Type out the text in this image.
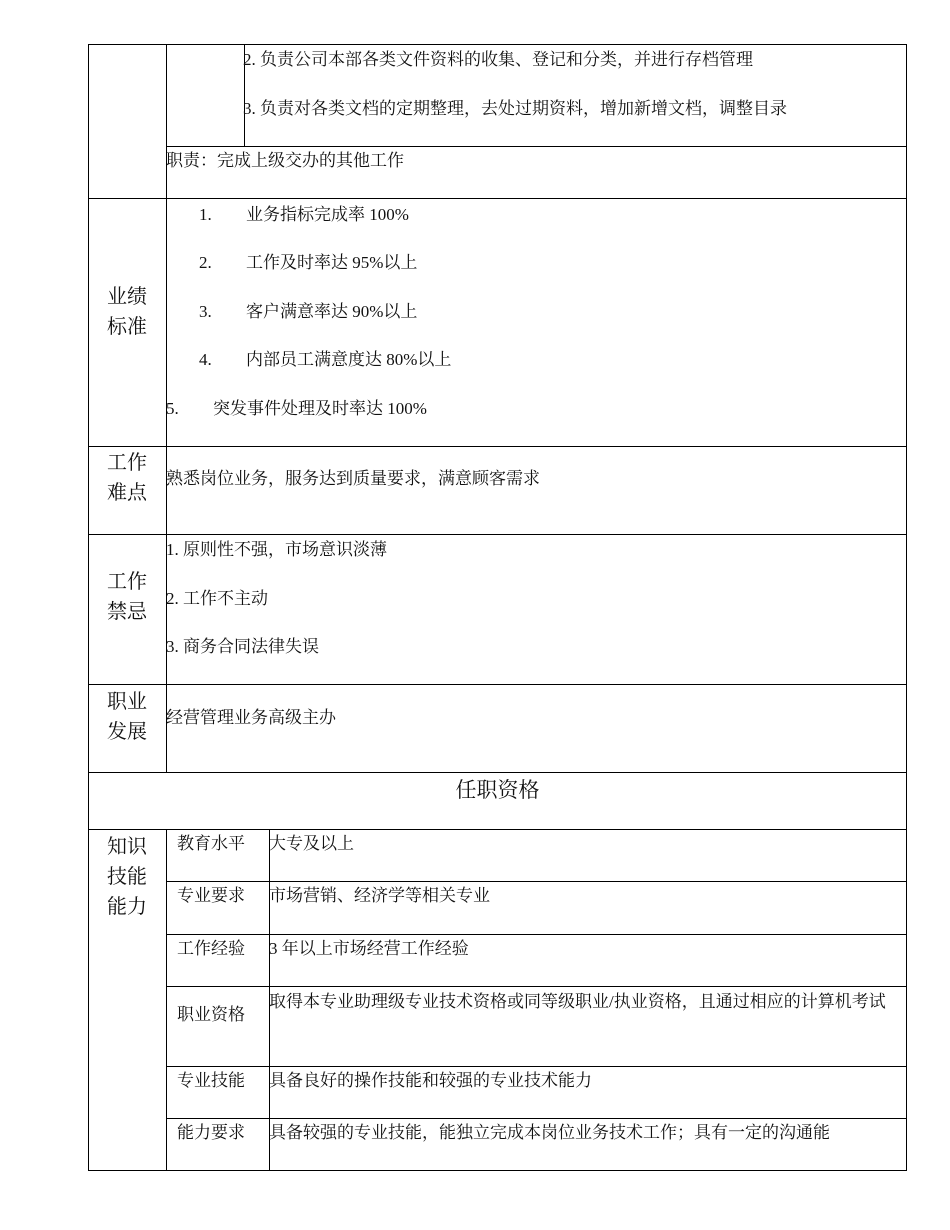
2. 负责公司本部各类文件资料的收集、登记和分类，并进行存档管理
3. 负责对各类文档的定期整理，去处过期资料，增加新增文档，调整目录
职责：完成上级交办的其他工作
业绩
标准
1. 业务指标完成率 100%
2. 工作及时率达 95%以上
3. 客户满意率达 90%以上
4. 内部员工满意度达 80%以上
5. 突发事件处理及时率达 100%
工作
难点
熟悉岗位业务，服务达到质量要求，满意顾客需求
工作
禁忌
1. 原则性不强，市场意识淡薄
2. 工作不主动
3. 商务合同法律失误
职业
发展
经营管理业务高级主办
任职资格
知识
技能
能力
教育水平 大专及以上
专业要求 市场营销、经济学等相关专业
工作经验 3 年以上市场经营工作经验
职业资格
取得本专业助理级专业技术资格或同等级职业/执业资格，且通过相应的计算机考试
专业技能 具备良好的操作技能和较强的专业技术能力
能力要求 具备较强的专业技能，能独立完成本岗位业务技术工作；具有一定的沟通能
